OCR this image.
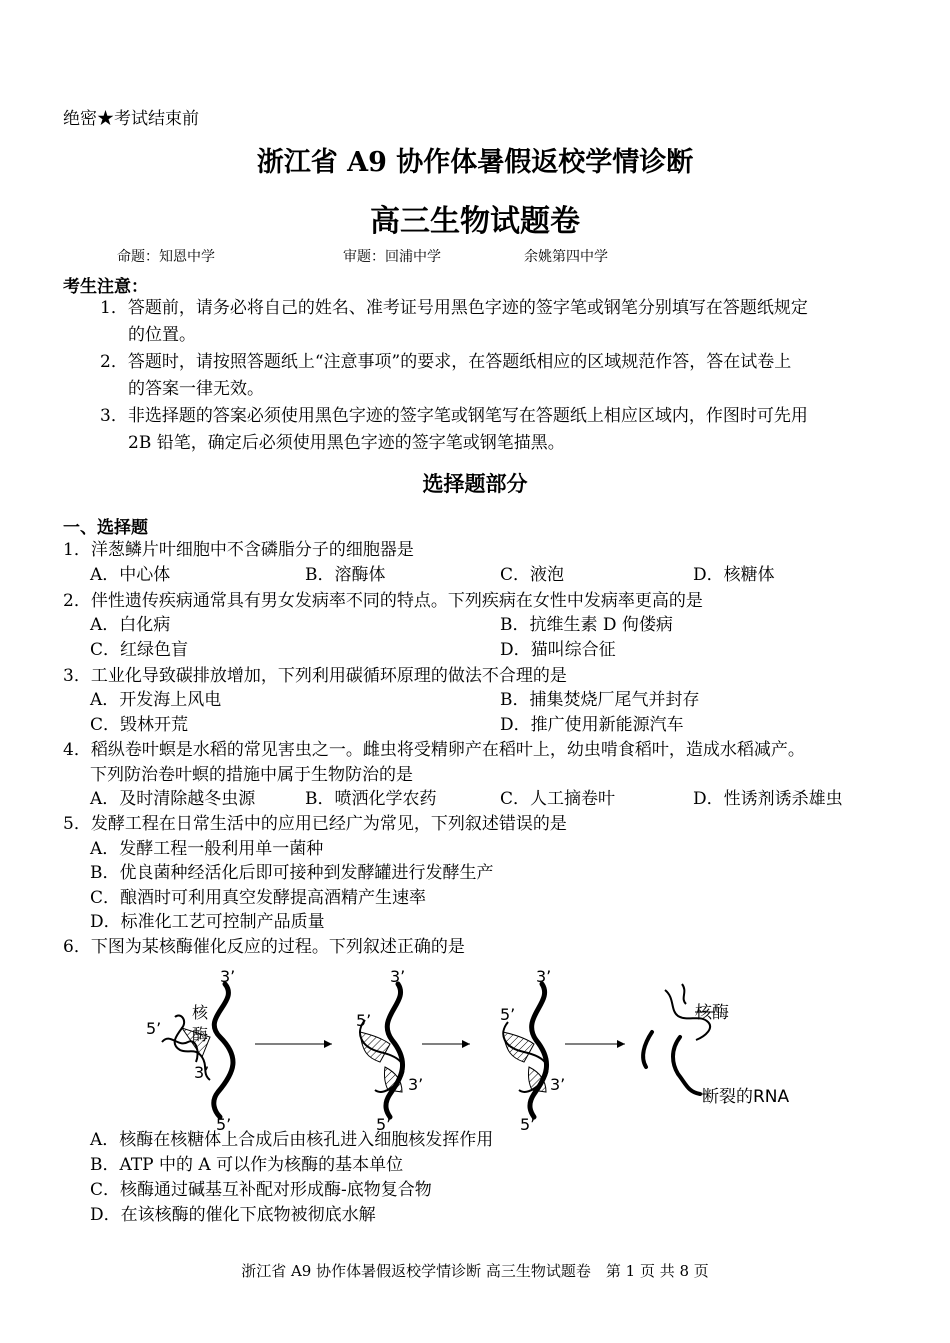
绝密★考试结束前
浙江省 A9 协作体暑假返校学情诊断
高三生物试题卷
命题：知恩中学	审题：回浦中学	余姚第四中学
考生注意：
1．答题前，请务必将自己的姓名、准考证号用黑色字迹的签字笔或钢笔分别填写在答题纸规定
的位置。
2．答题时，请按照答题纸上“注意事项”的要求，在答题纸相应的区域规范作答，答在试卷上
的答案一律无效。
3．非选择题的答案必须使用黑色字迹的签字笔或钢笔写在答题纸上相应区域内，作图时可先用
2B 铅笔，确定后必须使用黑色字迹的签字笔或钢笔描黑。
选择题部分
一、选择题
1．洋葱鳞片叶细胞中不含磷脂分子的细胞器是
A．中心体	B．溶酶体	C．液泡	D．核糖体
2．伴性遗传疾病通常具有男女发病率不同的特点。下列疾病在女性中发病率更高的是
A．白化病	B．抗维生素 D 佝偻病
C．红绿色盲	D．猫叫综合征
3．工业化导致碳排放增加，下列利用碳循环原理的做法不合理的是
A．开发海上风电	B．捕集焚烧厂尾气并封存
C．毁林开荒	D．推广使用新能源汽车
4．稻纵卷叶螟是水稻的常见害虫之一。雌虫将受精卵产在稻叶上，幼虫啃食稻叶，造成水稻减产。
下列防治卷叶螟的措施中属于生物防治的是
A．及时清除越冬虫源	B．喷洒化学农药	C．人工摘卷叶	D．性诱剂诱杀雄虫
5．发酵工程在日常生活中的应用已经广为常见，下列叙述错误的是
A．发酵工程一般利用单一菌种
B．优良菌种经活化后即可接种到发酵罐进行发酵生产
C．酿酒时可利用真空发酵提高酒精产生速率
D．标准化工艺可控制产品质量
6．下图为某核酶催化反应的过程。下列叙述正确的是
3’
核
酶
5’
3’
5’
3’
5’
3’
5’
3’
5’
3’
5’
核酶
断裂的RNA
A．核酶在核糖体上合成后由核孔进入细胞核发挥作用
B．ATP 中的 A 可以作为核酶的基本单位
C．核酶通过碱基互补配对形成酶-底物复合物
D．在该核酶的催化下底物被彻底水解
浙江省 A9 协作体暑假返校学情诊断 高三生物试题卷　第 1 页 共 8 页
